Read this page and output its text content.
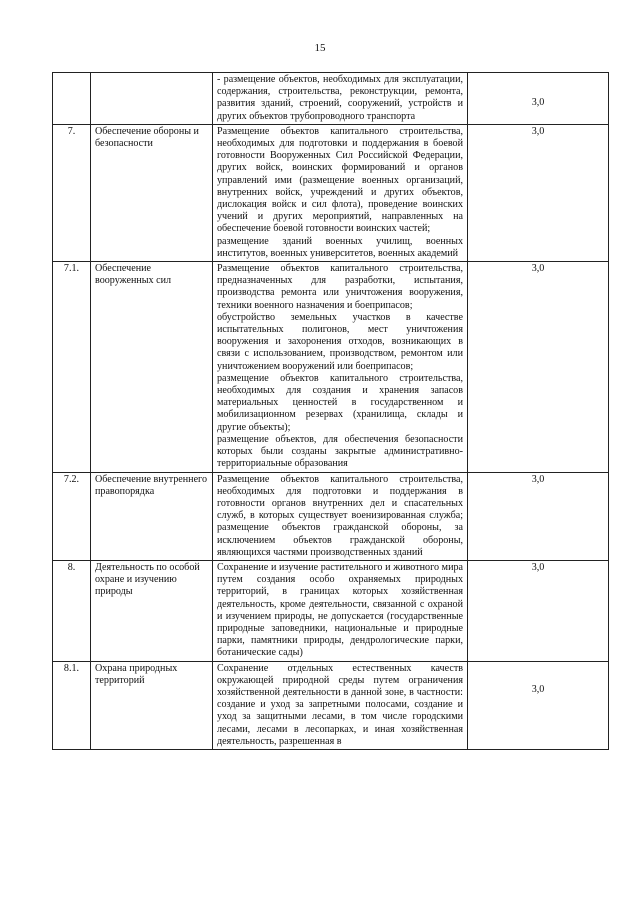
15
		- размещение объектов, необходимых для эксплуатации, содержания, строительства, реконструкции, ремонта, развития зданий, строений, сооружений, устройств и других объектов трубопроводного транспорта	3,0
7.	Обеспечение обороны и безопасности	Размещение объектов капитального строительства, необходимых для подготовки и поддержания в боевой готовности Вооруженных Сил Российской Федерации, других войск, воинских формирований и органов управлений ими (размещение военных организаций, внутренних войск, учреждений и других объектов, дислокация войск и сил флота), проведение воинских учений и других мероприятий, направленных на обеспечение боевой готовности воинских частей;
размещение зданий военных училищ, военных институтов, военных университетов, военных академий	3,0
7.1.	Обеспечение вооруженных сил	Размещение объектов капитального строительства, предназначенных для разработки, испытания, производства ремонта или уничтожения вооружения, техники военного назначения и боеприпасов;
обустройство земельных участков в качестве испытательных полигонов, мест уничтожения вооружения и захоронения отходов, возникающих в связи с использованием, производством, ремонтом или уничтожением вооружений или боеприпасов;
размещение объектов капитального строительства, необходимых для создания и хранения запасов материальных ценностей в государственном и мобилизационном резервах (хранилища, склады и другие объекты);
размещение объектов, для обеспечения безопасности которых были созданы закрытые административно-территориальные образования	3,0
7.2.	Обеспечение внутреннего правопорядка	Размещение объектов капитального строительства, необходимых для подготовки и поддержания в готовности органов внутренних дел и спасательных служб, в которых существует военизированная служба; размещение объектов гражданской обороны, за исключением объектов гражданской обороны, являющихся частями производственных зданий	3,0
8.	Деятельность по особой охране и изучению природы	Сохранение и изучение растительного и животного мира путем создания особо охраняемых природных территорий, в границах которых хозяйственная деятельность, кроме деятельности, связанной с охраной и изучением природы, не допускается (государственные природные заповедники, национальные и природные парки, памятники природы, дендрологические парки, ботанические сады)	3,0
8.1.	Охрана природных территорий	Сохранение отдельных естественных качеств окружающей природной среды путем ограничения хозяйственной деятельности в данной зоне, в частности: создание и уход за запретными полосами, создание и уход за защитными лесами, в том числе городскими лесами, лесами в лесопарках, и иная хозяйственная деятельность, разрешенная в	3,0
